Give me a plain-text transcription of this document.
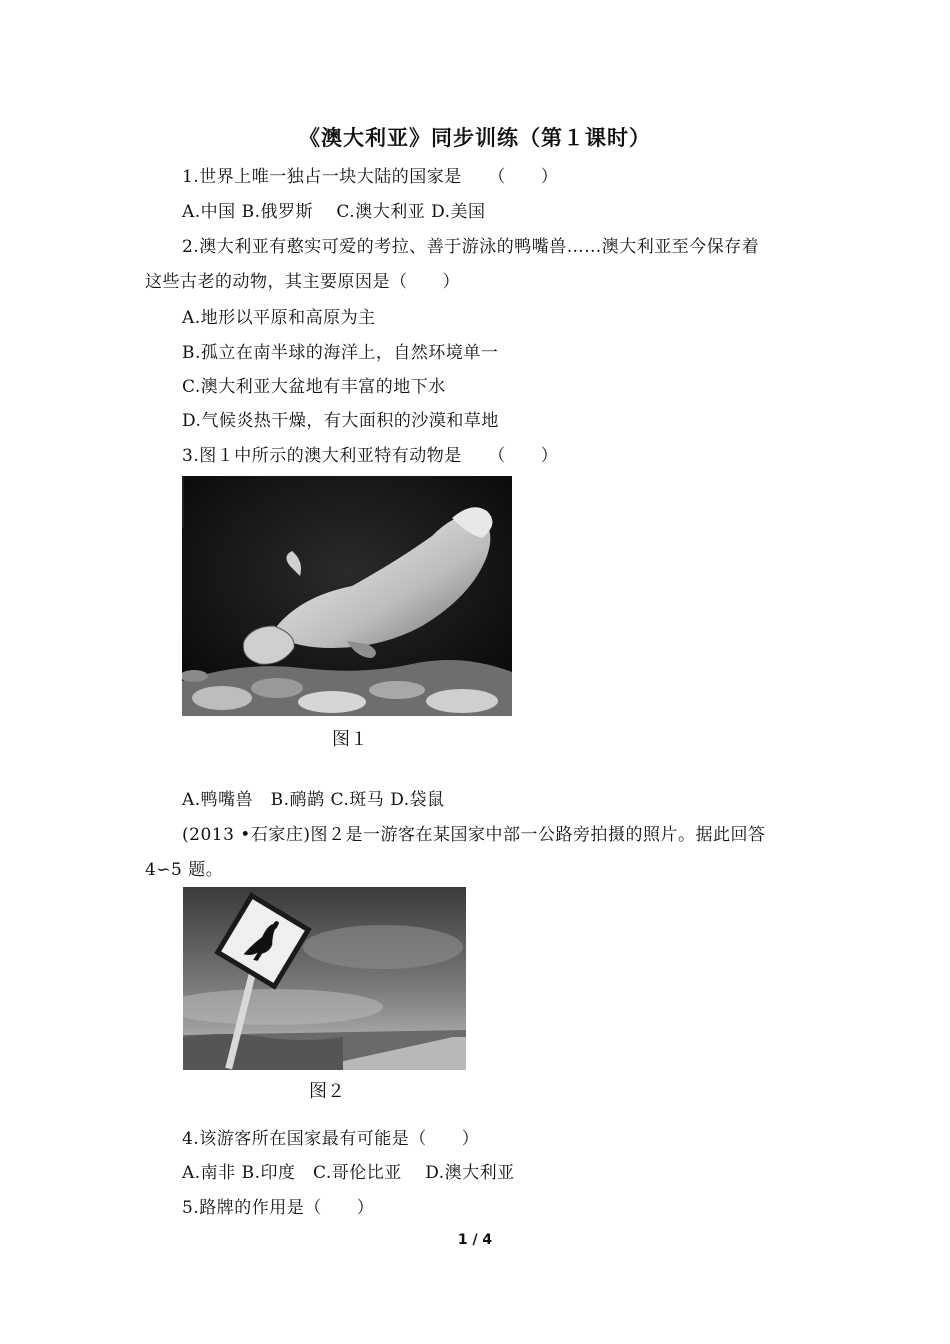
《澳大利亚》同步训练（第１课时）
1.世界上唯一独占一块大陆的国家是　　（　　）
A.中国 B.俄罗斯　 C.澳大利亚 D.美国
2.澳大利亚有憨实可爱的考拉、善于游泳的鸭嘴兽……澳大利亚至今保存着
这些古老的动物，其主要原因是（　　）
A.地形以平原和高原为主
B.孤立在南半球的海洋上，自然环境单一
C.澳大利亚大盆地有丰富的地下水
D.气候炎热干燥，有大面积的沙漠和草地
3.图１中所示的澳大利亚特有动物是　　（　　）
图１
A.鸭嘴兽　B.鸸鹋 C.斑马 D.袋鼠
(2013 •石家庄)图２是一游客在某国家中部一公路旁拍摄的照片。据此回答
4∽5 题。
图２
4.该游客所在国家最有可能是（　　）
A.南非 B.印度　C.哥伦比亚　 D.澳大利亚
5.路牌的作用是（　　）
1 / 4
